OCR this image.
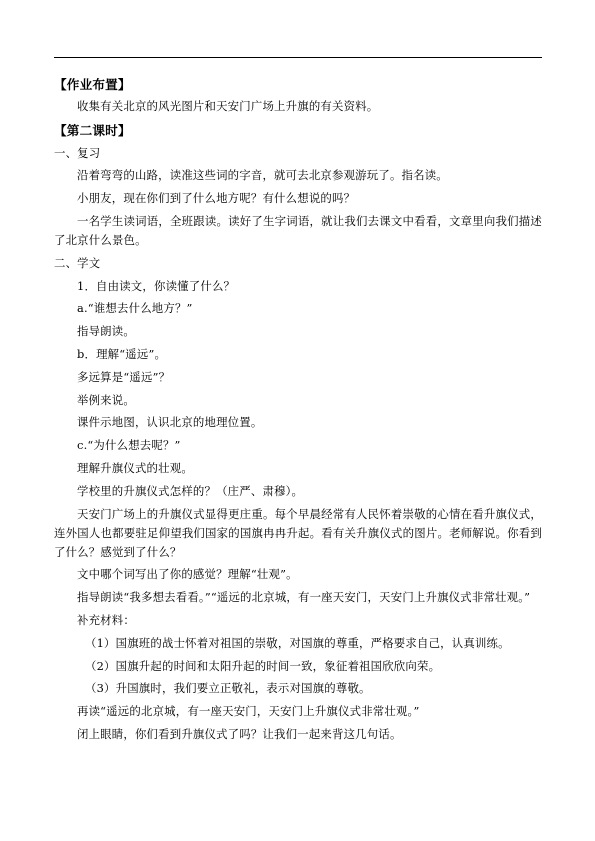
【作业布置】
收集有关北京的风光图片和天安门广场上升旗的有关资料。
【第二课时】
一、复习
沿着弯弯的山路，读准这些词的字音，就可去北京参观游玩了。指名读。
小朋友，现在你们到了什么地方呢？有什么想说的吗？
一名学生读词语，全班跟读。读好了生字词语，就让我们去课文中看看，文章里向我们描述了北京什么景色。
二、学文
1．自由读文，你读懂了什么？
a.“谁想去什么地方？”
指导朗读。
b．理解“遥远”。
多远算是“遥远”？
举例来说。
课件示地图，认识北京的地理位置。
c.“为什么想去呢？”
理解升旗仪式的壮观。
学校里的升旗仪式怎样的？（庄严、肃穆）。
天安门广场上的升旗仪式显得更庄重。每个早晨经常有人民怀着崇敬的心情在看升旗仪式，连外国人也都要驻足仰望我们国家的国旗冉冉升起。看有关升旗仪式的图片。老师解说。你看到了什么？感觉到了什么？
文中哪个词写出了你的感觉？理解“壮观”。
指导朗读“我多想去看看。”“遥远的北京城，有一座天安门，天安门上升旗仪式非常壮观。”
补充材料：
（1）国旗班的战士怀着对祖国的崇敬，对国旗的尊重，严格要求自己，认真训练。
（2）国旗升起的时间和太阳升起的时间一致，象征着祖国欣欣向荣。
（3）升国旗时，我们要立正敬礼，表示对国旗的尊敬。
再读“遥远的北京城，有一座天安门，天安门上升旗仪式非常壮观。”
闭上眼睛，你们看到升旗仪式了吗？让我们一起来背这几句话。
